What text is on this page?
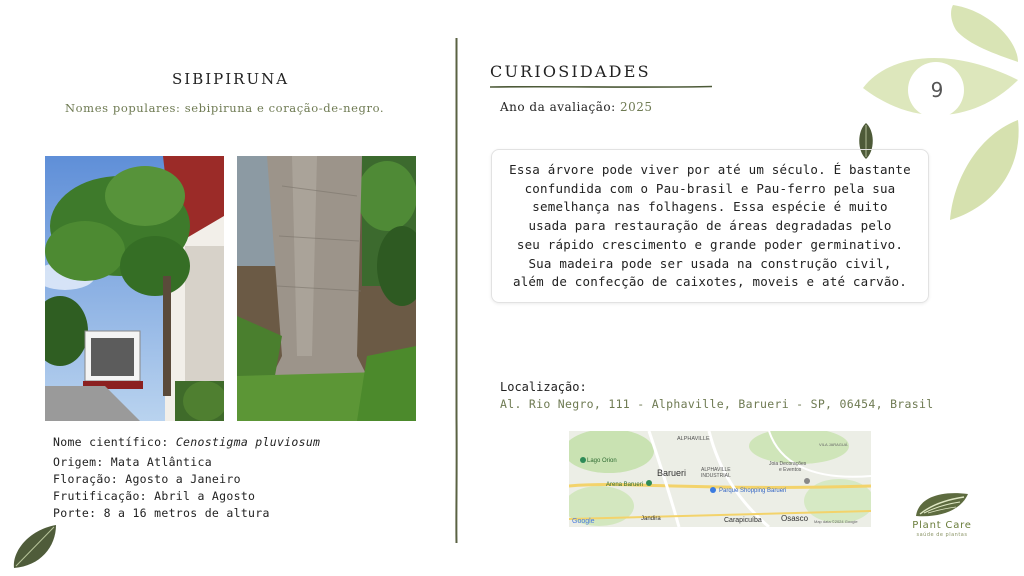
9
SIBIPIRUNA
Nomes populares: sebipiruna e coração-de-negro.
Nome científico: Cenostigma pluviosum
Origem: Mata Atlântica
Floração: Agosto a Janeiro
Frutificação: Abril a Agosto
Porte: 8 a 16 metros de altura
CURIOSIDADES
Ano da avaliação: 2025
Essa árvore pode viver por até um século. É bastante
confundida com o Pau-brasil e Pau-ferro pela sua
semelhança nas folhagens. Essa espécie é muito
usada para restauração de áreas degradadas pelo
seu rápido crescimento e grande poder germinativo.
Sua madeira pode ser usada na construção civil,
além de confecção de caixotes, moveis e até carvão.
Localização:
Al. Rio Negro, 111 - Alphaville, Barueri - SP, 06454, Brasil
ALPHAVILLE
Lago Orion
Barueri	ALPHAVILLE
INDUSTRIAL
VILA JARAGUÁ
Arena Barueri
Parque Shopping Barueri
Joia Decorações
e Eventos
Jandira	Carapicuíba Osasco
Google	Map data ©2024 Google	Plant Care
saúde de plantas
